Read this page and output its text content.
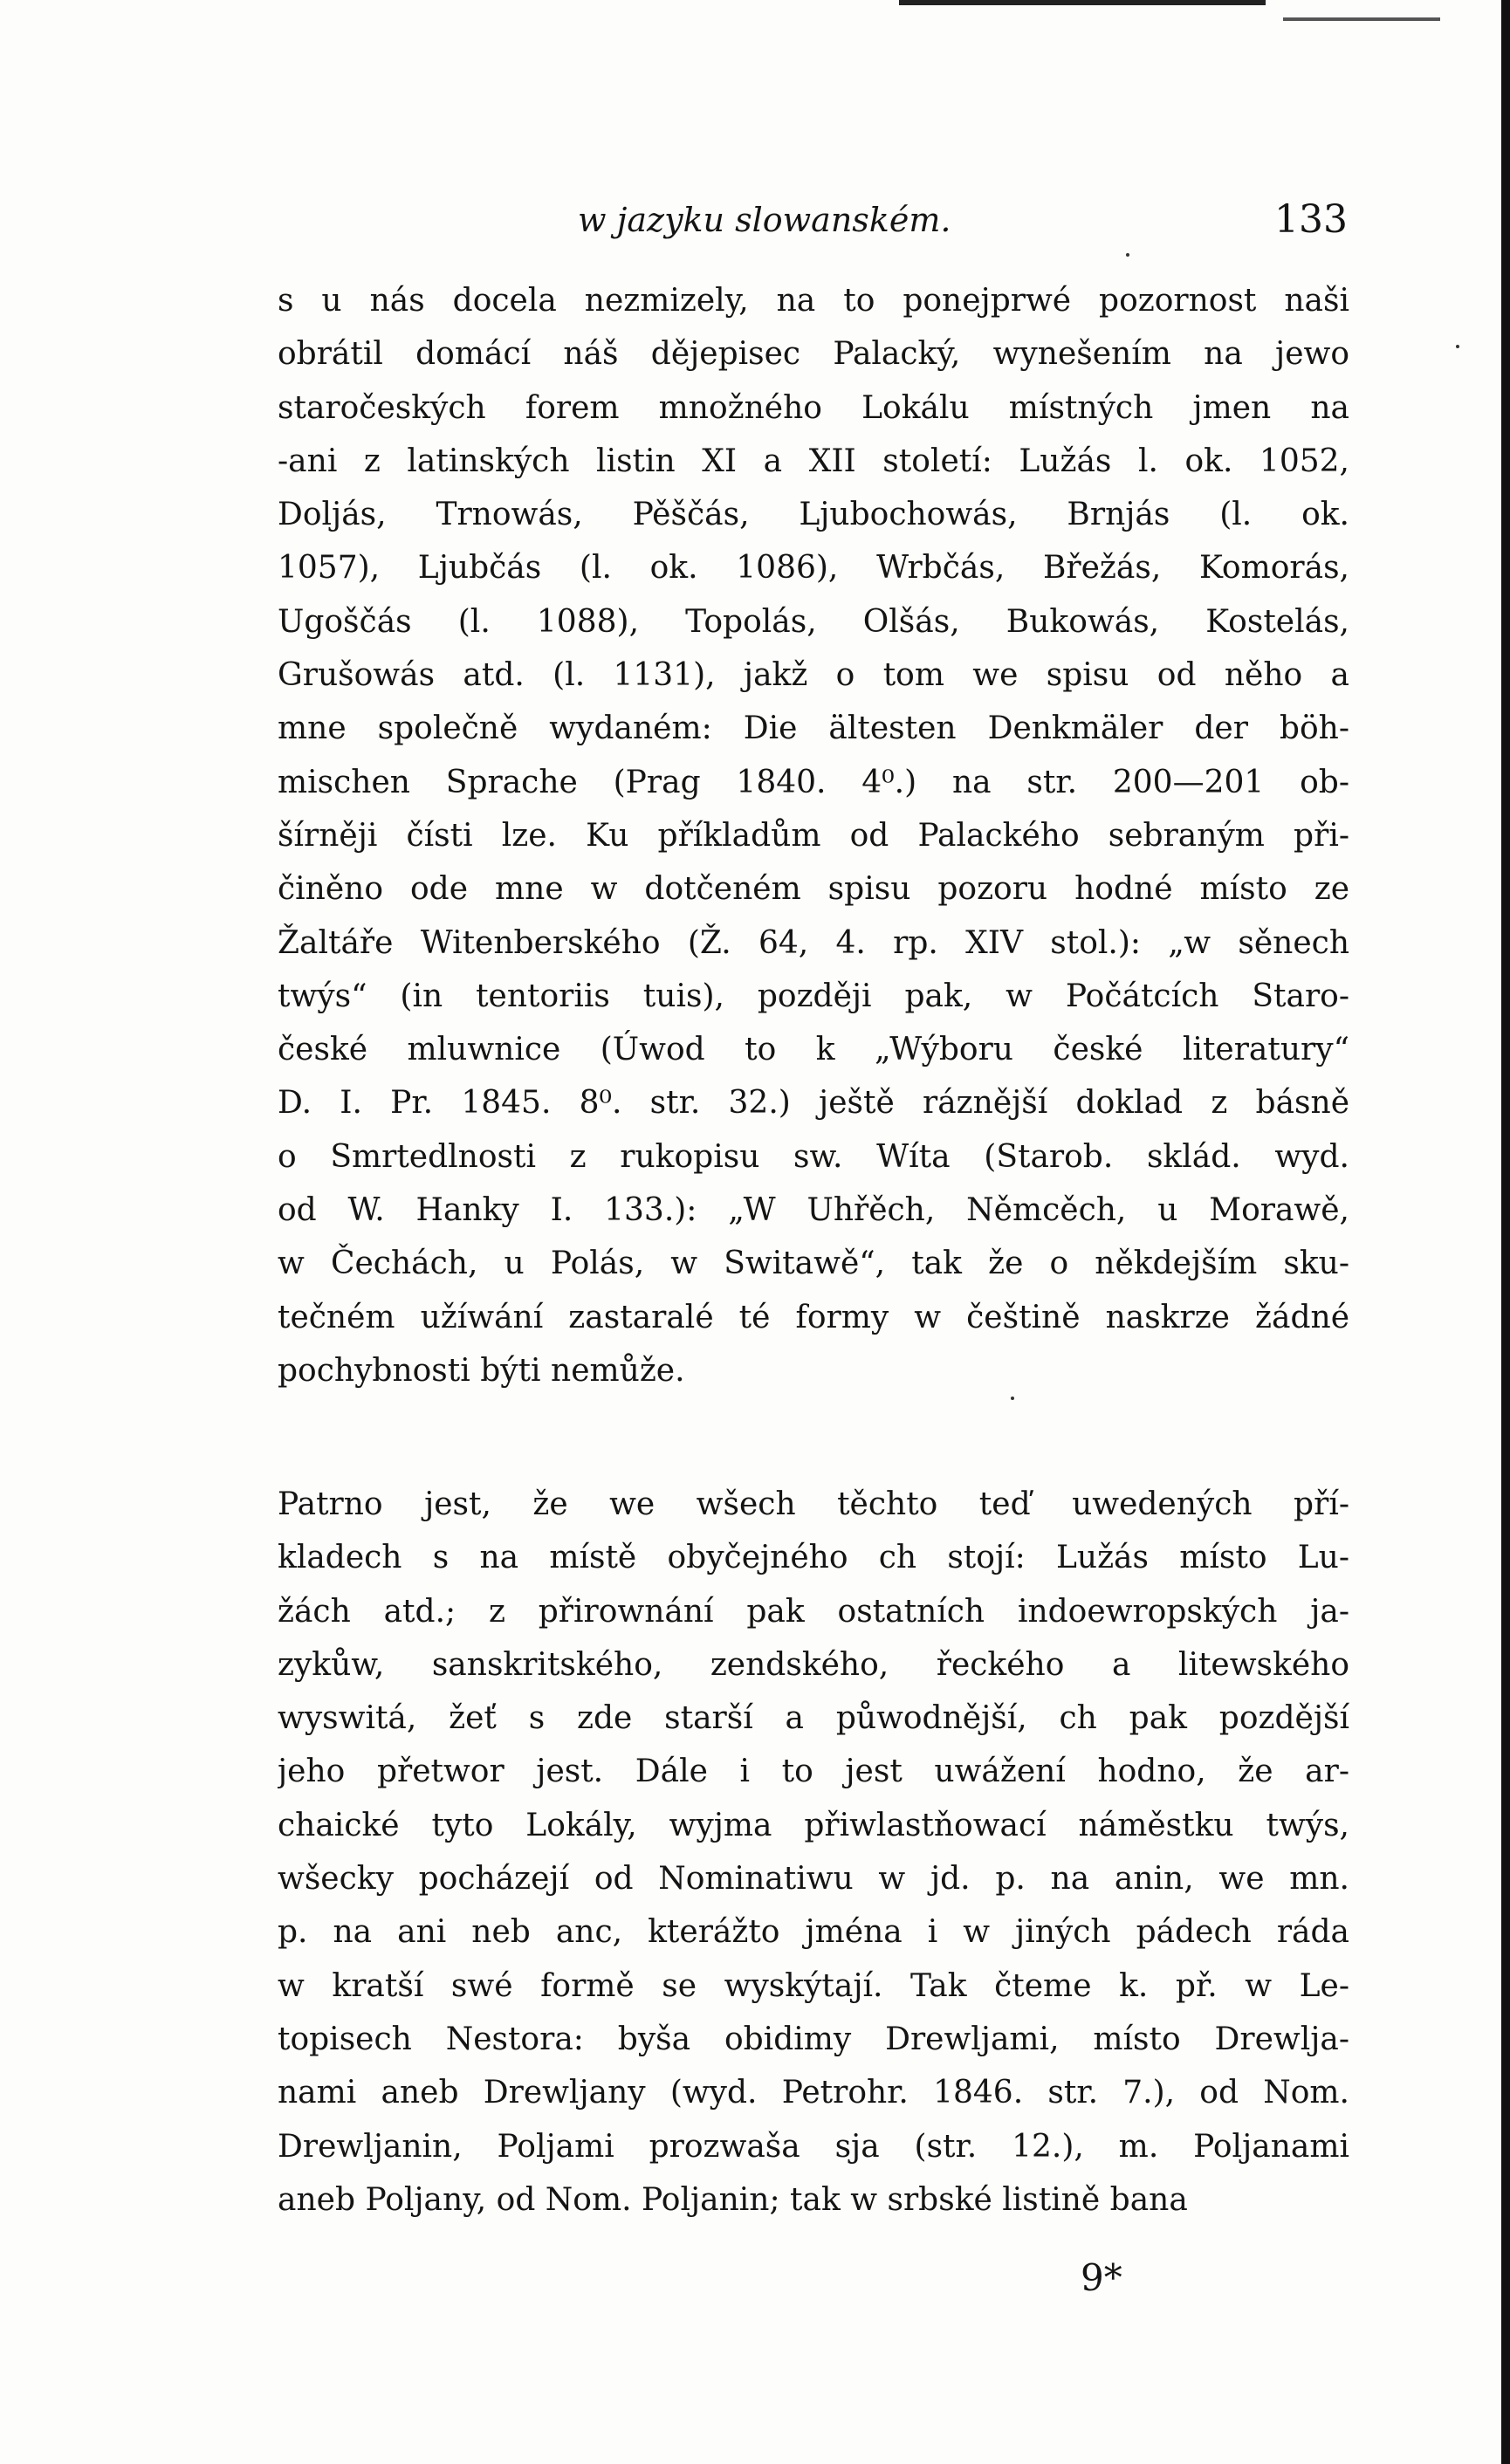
w jazyku slowanském.	133
s u nás docela nezmizely, na to ponejprwé pozornost naši
obrátil domácí náš dějepisec Palacký, wynešením na jewo
staročeských forem množného Lokálu místných jmen na
-ani z latinských listin XI a XII století: Lužás l. ok. 1052,
Doljás, Trnowás, Pěščás, Ljubochowás, Brnjás (l. ok.
1057), Ljubčás (l. ok. 1086), Wrbčás, Břežás, Komorás,
Ugoščás (l. 1088), Topolás, Olšás, Bukowás, Kostelás,
Grušowás atd. (l. 1131), jakž o tom we spisu od něho a
mne společně wydaném: Die ältesten Denkmäler der böh-
mischen Sprache (Prag 1840. 4⁰.) na str. 200—201 ob-
šírněji čísti lze. Ku příkladům od Palackého sebraným při-
činěno ode mne w dotčeném spisu pozoru hodné místo ze
Žaltáře Witenberského (Ž. 64, 4. rp. XIV stol.): „w sěnech
twýs“ (in tentoriis tuis), později pak, w Počátcích Staro-
české mluwnice (Úwod to k „Wýboru české literatury“
D. I. Pr. 1845. 8⁰. str. 32.) ještě ráznější doklad z básně
o Smrtedlnosti z rukopisu sw. Wíta (Starob. sklád. wyd.
od W. Hanky I. 133.): „W Uhřěch, Němcěch, u Morawě,
w Čechách, u Polás, w Switawě“, tak že o někdejším sku-
tečném užíwání zastaralé té formy w češtině naskrze žádné
pochybnosti býti nemůže.
Patrno jest, že we wšech těchto teď uwedených pří-
kladech s na místě obyčejného ch stojí: Lužás místo Lu-
žách atd.; z přirownání pak ostatních indoewropských ja-
zykůw, sanskritského, zendského, řeckého a litewského
wyswitá, žeť s zde starší a půwodnější, ch pak pozdější
jeho přetwor jest. Dále i to jest uwážení hodno, že ar-
chaické tyto Lokály, wyjma přiwlastňowací náměstku twýs,
wšecky pocházejí od Nominatiwu w jd. p. na anin, we mn.
p. na ani neb anc, kterážto jména i w jiných pádech ráda
w kratší swé formě se wyskýtají. Tak čteme k. př. w Le-
topisech Nestora: byša obidimy Drewljami, místo Drewlja-
nami aneb Drewljany (wyd. Petrohr. 1846. str. 7.), od Nom.
Drewljanin, Poljami prozwaša sja (str. 12.), m. Poljanami
aneb Poljany, od Nom. Poljanin; tak w srbské listině bana
9*
